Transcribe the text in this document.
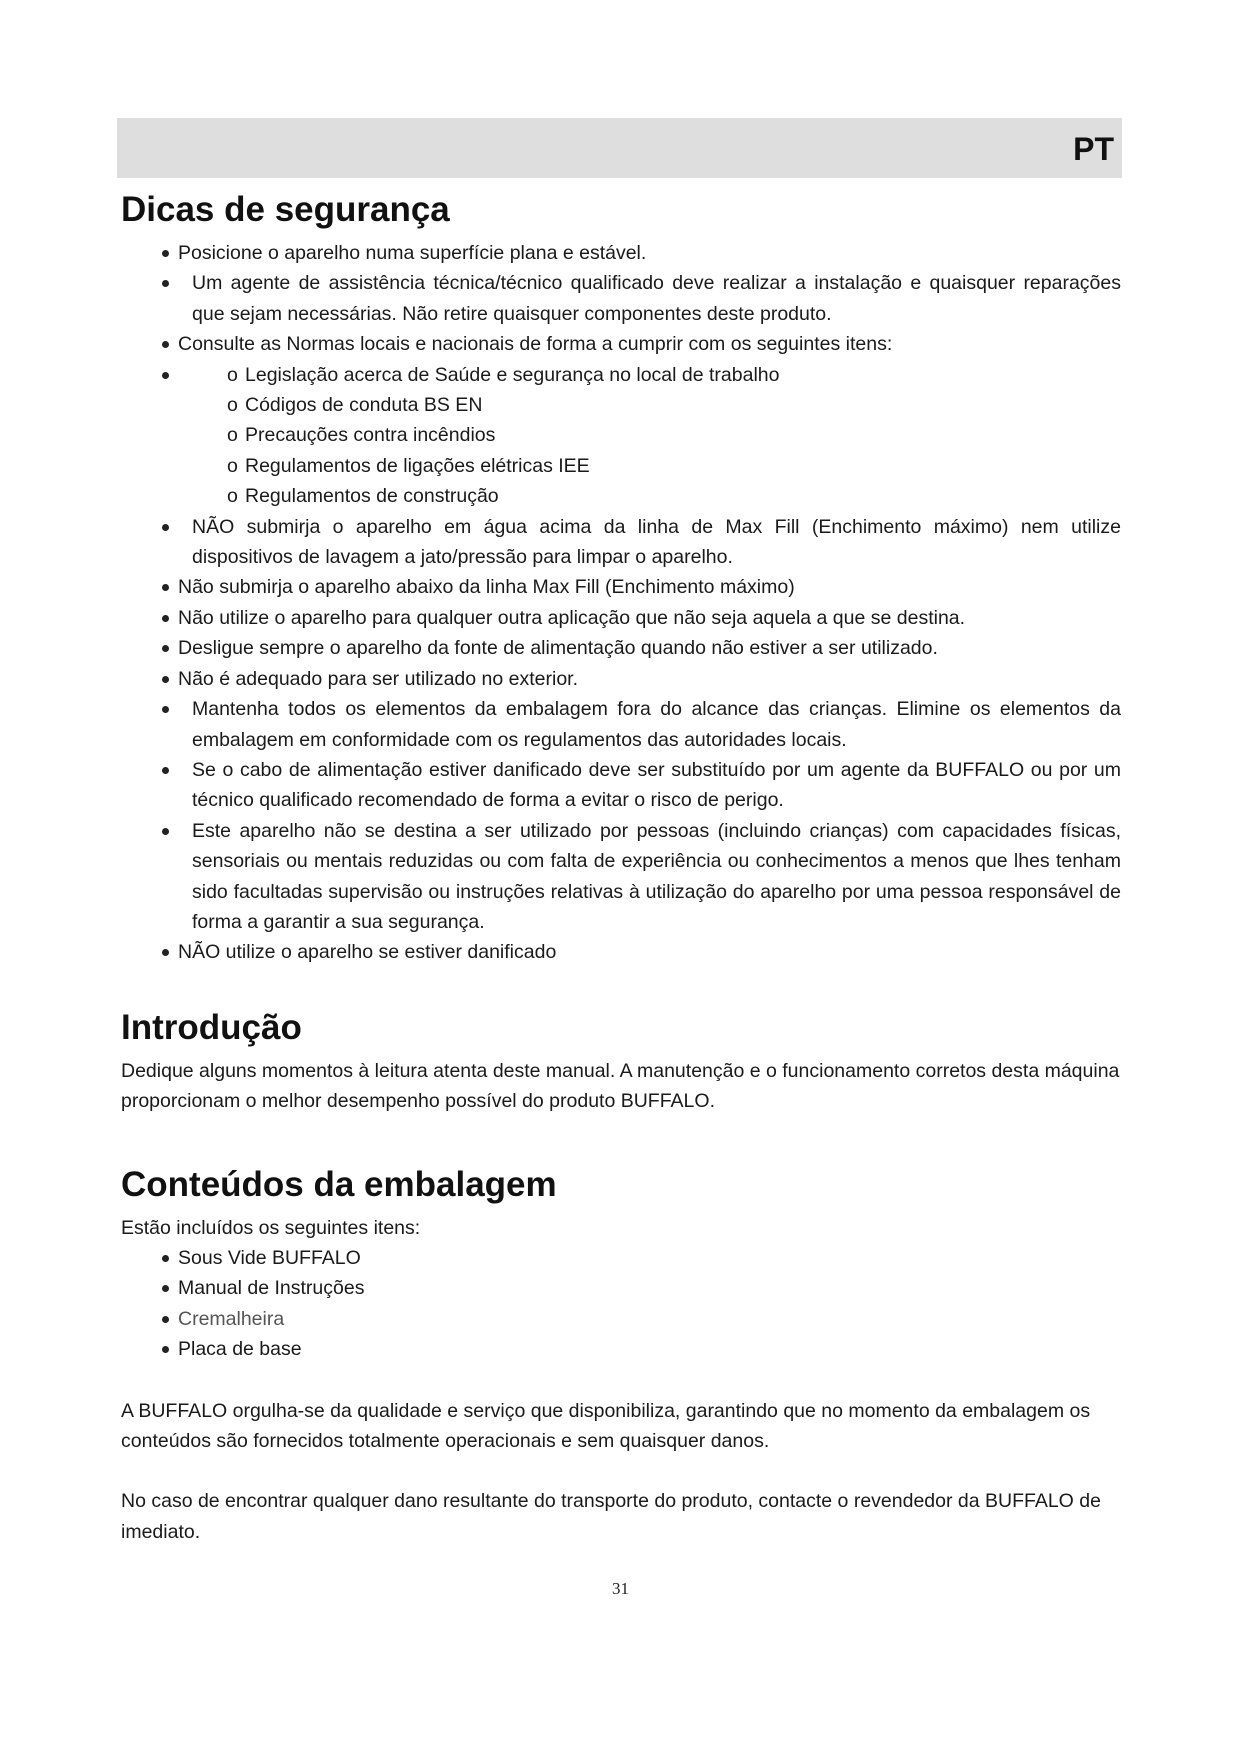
PT
Dicas de segurança
Posicione o aparelho numa superfície plana e estável.
Um agente de assistência técnica/técnico qualificado deve realizar a instalação e quaisquer reparações que sejam necessárias. Não retire quaisquer componentes deste produto.
Consulte as Normas locais e nacionais de forma a cumprir com os seguintes itens:
o Legislação acerca de Saúde e segurança no local de trabalho
o Códigos de conduta BS EN
o Precauções contra incêndios
o Regulamentos de ligações elétricas IEE
o Regulamentos de construção
NÃO submirja o aparelho em água acima da linha de Max Fill (Enchimento máximo) nem utilize dispositivos de lavagem a jato/pressão para limpar o aparelho.
Não submirja o aparelho abaixo da linha Max Fill (Enchimento máximo)
Não utilize o aparelho para qualquer outra aplicação que não seja aquela a que se destina.
Desligue sempre o aparelho da fonte de alimentação quando não estiver a ser utilizado.
Não é adequado para ser utilizado no exterior.
Mantenha todos os elementos da embalagem fora do alcance das crianças. Elimine os elementos da embalagem em conformidade com os regulamentos das autoridades locais.
Se o cabo de alimentação estiver danificado deve ser substituído por um agente da BUFFALO ou por um técnico qualificado recomendado de forma a evitar o risco de perigo.
Este aparelho não se destina a ser utilizado por pessoas (incluindo crianças) com capacidades físicas, sensoriais ou mentais reduzidas ou com falta de experiência ou conhecimentos a menos que lhes tenham sido facultadas supervisão ou instruções relativas à utilização do aparelho por uma pessoa responsável de forma a garantir a sua segurança.
NÃO utilize o aparelho se estiver danificado
Introdução

Dedique alguns momentos à leitura atenta deste manual. A manutenção e o funcionamento corretos desta máquina proporcionam o melhor desempenho possível do produto BUFFALO.

Conteúdos da embalagem

Estão incluídos os seguintes itens:

Sous Vide BUFFALO
Manual de Instruções
Cremalheira
Placa de base

A BUFFALO orgulha-se da qualidade e serviço que disponibiliza, garantindo que no momento da embalagem os conteúdos são fornecidos totalmente operacionais e sem quaisquer danos.

No caso de encontrar qualquer dano resultante do transporte do produto, contacte o revendedor da BUFFALO de imediato.

31
